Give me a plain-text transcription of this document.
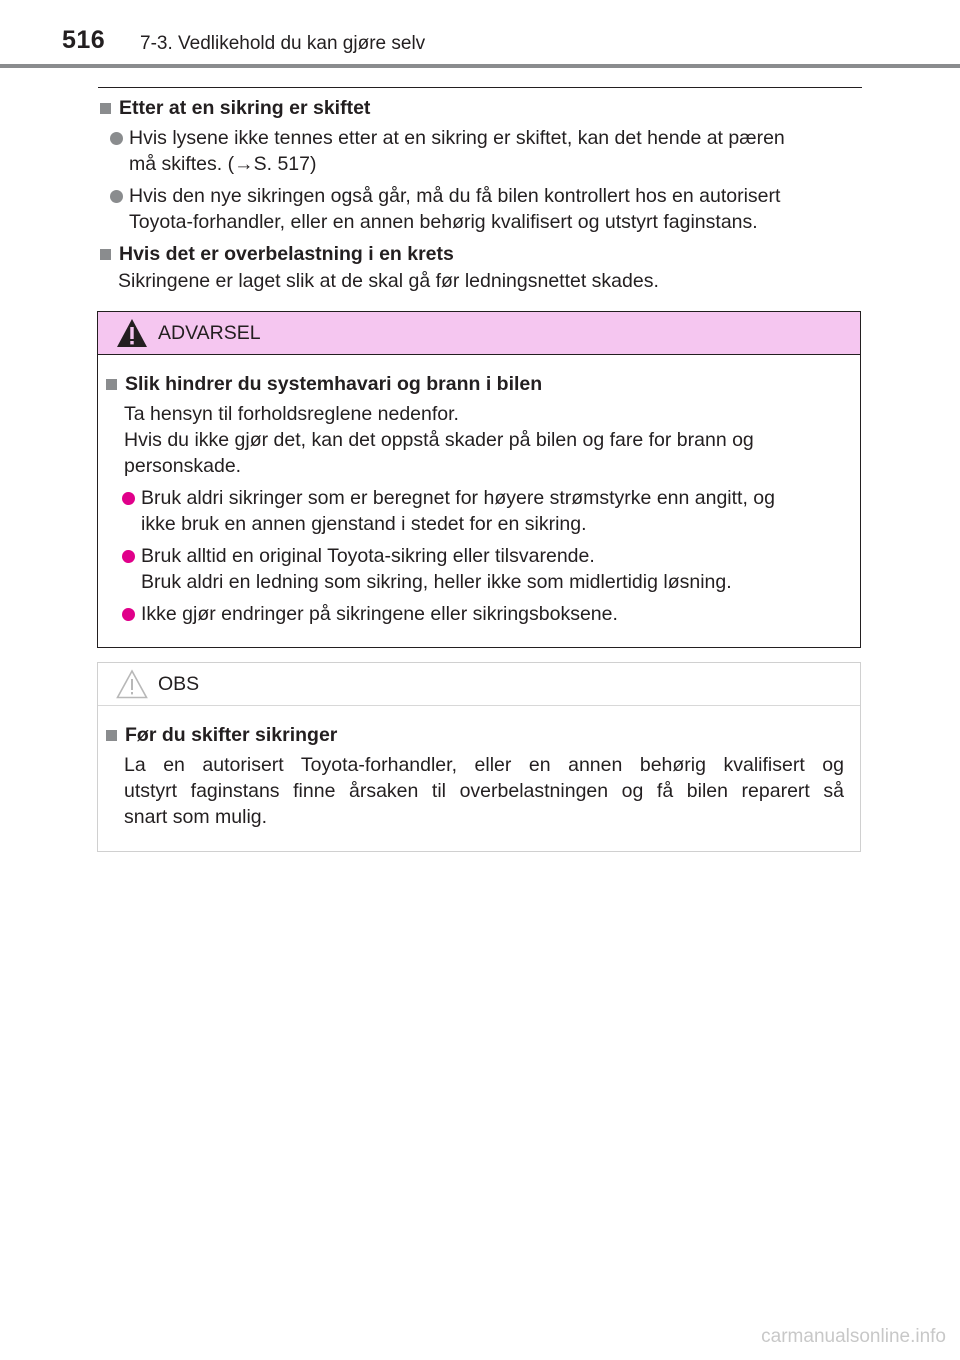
516 7-3. Vedlikehold du kan gjøre selv
Etter at en sikring er skiftet
Hvis lysene ikke tennes etter at en sikring er skiftet, kan det hende at pæren
må skiftes. (→S. 517)
Hvis den nye sikringen også går, må du få bilen kontrollert hos en autorisert
Toyota-forhandler, eller en annen behørig kvalifisert og utstyrt faginstans.
Hvis det er overbelastning i en krets
Sikringene er laget slik at de skal gå før ledningsnettet skades.
ADVARSEL
Slik hindrer du systemhavari og brann i bilen
Ta hensyn til forholdsreglene nedenfor.
Hvis du ikke gjør det, kan det oppstå skader på bilen og fare for brann og
personskade.
Bruk aldri sikringer som er beregnet for høyere strømstyrke enn angitt, og
ikke bruk en annen gjenstand i stedet for en sikring.
Bruk alltid en original Toyota-sikring eller tilsvarende.
Bruk aldri en ledning som sikring, heller ikke som midlertidig løsning.
Ikke gjør endringer på sikringene eller sikringsboksene.
OBS
Før du skifter sikringer
La en autorisert Toyota-forhandler, eller en annen behørig kvalifisert og
utstyrt faginstans finne årsaken til overbelastningen og få bilen reparert så
snart som mulig.
carmanualsonline.info
